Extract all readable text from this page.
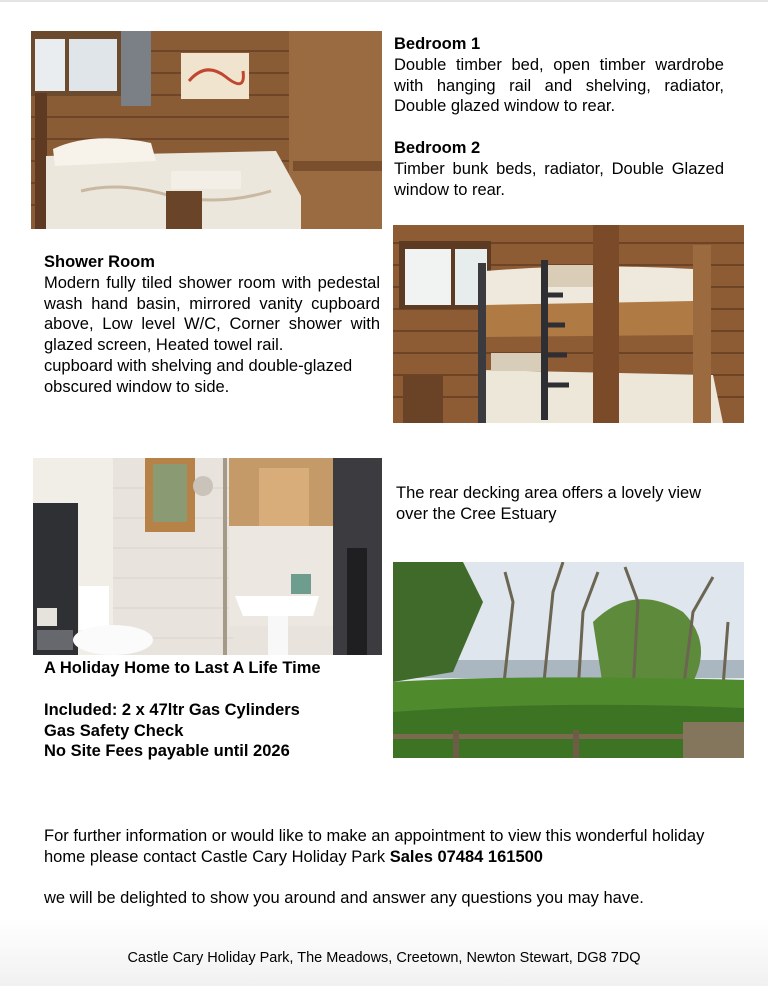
Bedroom 1
Double timber bed, open timber wardrobe with hanging rail and shelving, radiator, Double glazed window to rear.
Bedroom 2
Timber bunk beds, radiator, Double Glazed window to rear.
Shower Room
Modern fully tiled shower room with pedestal wash hand basin, mirrored vanity cupboard above, Low level W/C, Corner shower with glazed screen, Heated towel rail.
cupboard with shelving and double-glazed obscured window to side.
The rear decking area offers a lovely view over the Cree Estuary
A Holiday Home to Last A Life Time
Included: 2 x 47ltr Gas Cylinders
Gas Safety Check
No Site Fees payable until 2026
For further information or would like to make an appointment to view this wonderful holiday home please contact Castle Cary Holiday Park Sales 07484 161500
we will be delighted to show you around and answer any questions you may have.
Castle Cary Holiday Park, The Meadows, Creetown, Newton Stewart, DG8 7DQ
